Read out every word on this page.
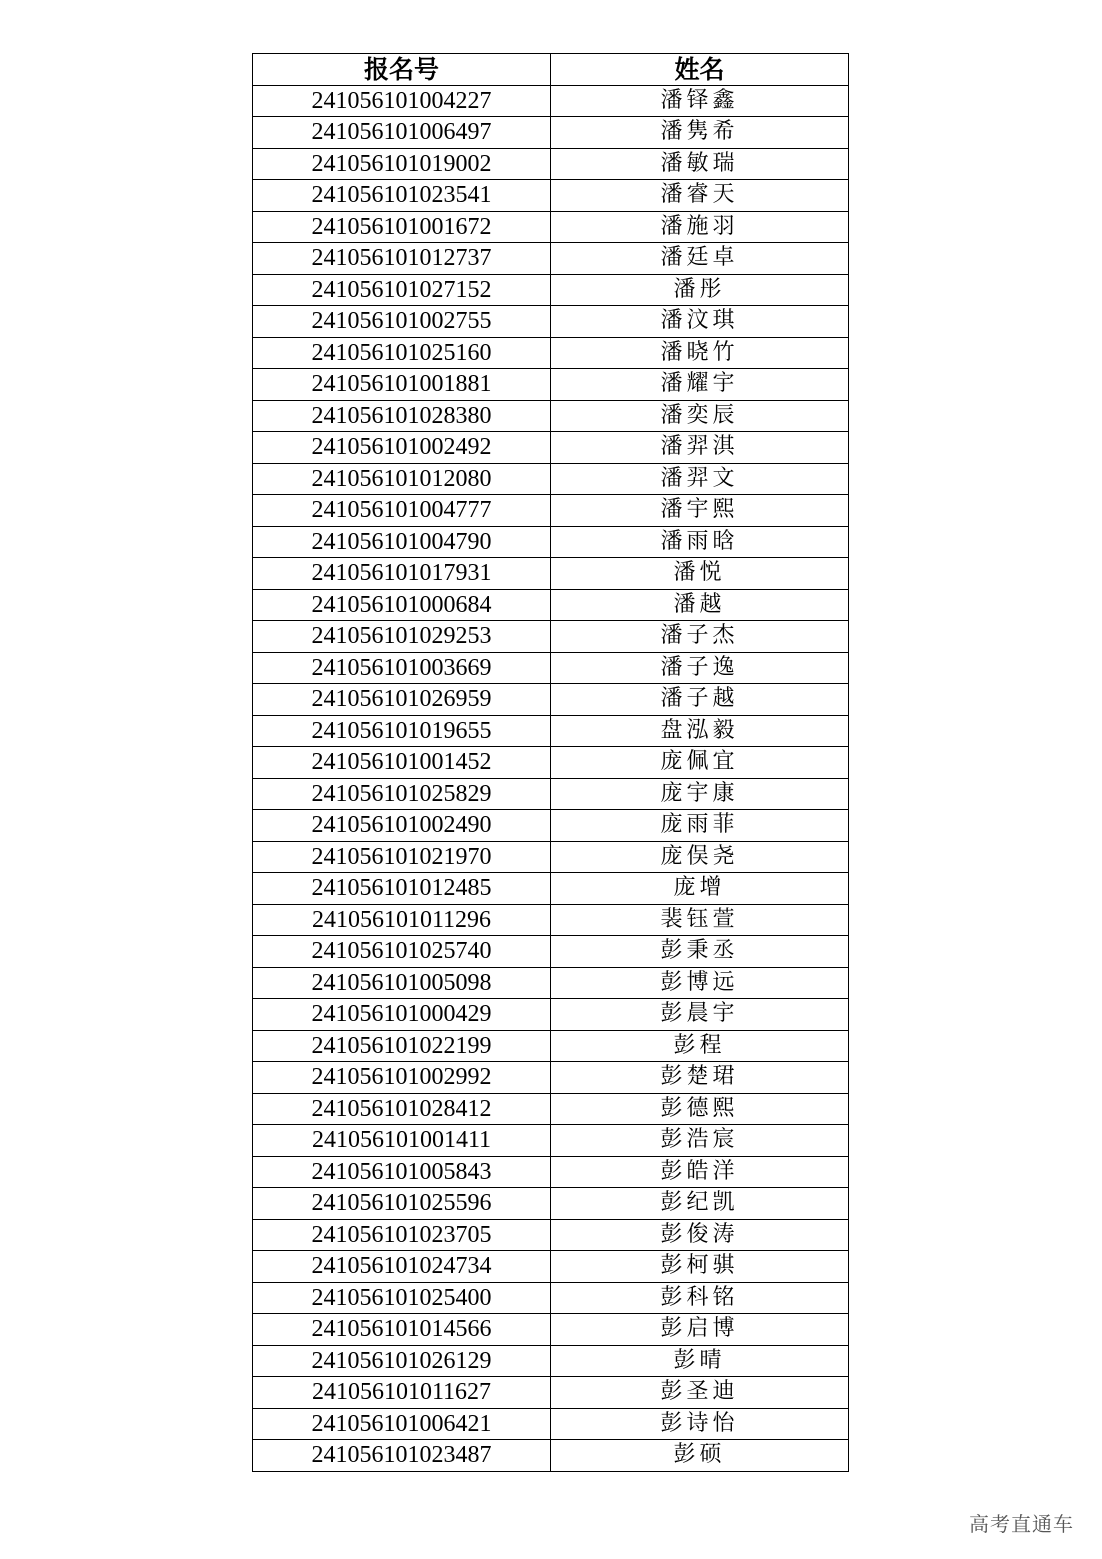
报名号	姓名
241056101004227	潘铎鑫
241056101006497	潘隽希
241056101019002	潘敏瑞
241056101023541	潘睿天
241056101001672	潘施羽
241056101012737	潘廷卓
241056101027152	潘彤
241056101002755	潘汶琪
241056101025160	潘晓竹
241056101001881	潘耀宇
241056101028380	潘奕辰
241056101002492	潘羿淇
241056101012080	潘羿文
241056101004777	潘宇熙
241056101004790	潘雨晗
241056101017931	潘悦
241056101000684	潘越
241056101029253	潘子杰
241056101003669	潘子逸
241056101026959	潘子越
241056101019655	盘泓毅
241056101001452	庞佩宜
241056101025829	庞宇康
241056101002490	庞雨菲
241056101021970	庞俣尧
241056101012485	庞增
241056101011296	裴钰萱
241056101025740	彭秉丞
241056101005098	彭博远
241056101000429	彭晨宇
241056101022199	彭程
241056101002992	彭楚珺
241056101028412	彭德熙
241056101001411	彭浩宸
241056101005843	彭皓洋
241056101025596	彭纪凯
241056101023705	彭俊涛
241056101024734	彭柯骐
241056101025400	彭科铭
241056101014566	彭启博
241056101026129	彭晴
241056101011627	彭圣迪
241056101006421	彭诗怡
241056101023487	彭硕
高考直通车
